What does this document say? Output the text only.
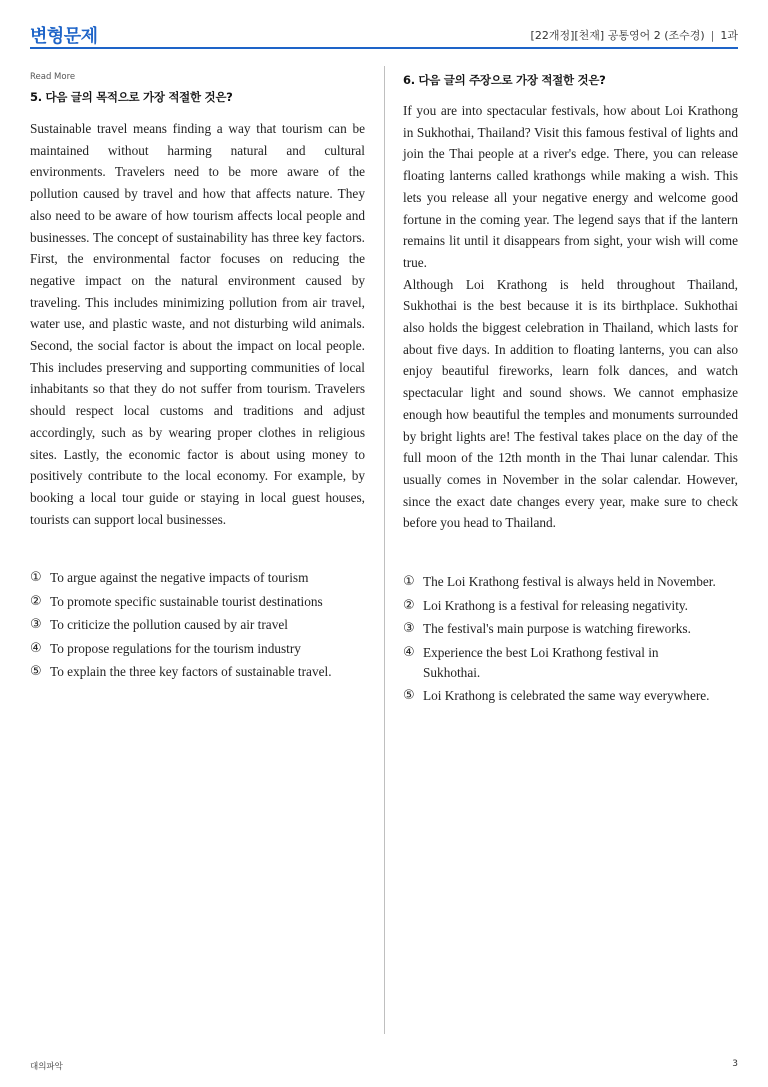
변형문제	[22개정][천재] 공통영어 2 (조수경) | 1과
Read More
5. 다음 글의 목적으로 가장 적절한 것은?

Sustainable travel means finding a way that tourism can be maintained without harming natural and cultural environments. Travelers need to be more aware of the pollution caused by travel and how that affects nature. They also need to be aware of how tourism affects local people and businesses. The concept of sustainability has three key factors. First, the environmental factor focuses on reducing the negative impact on the natural environment caused by traveling. This includes minimizing pollution from air travel, water use, and plastic waste, and not disturbing wild animals. Second, the social factor is about the impact on local people. This includes preserving and supporting communities of local inhabitants so that they do not suffer from tourism. Travelers should respect local customs and traditions and adjust accordingly, such as by wearing proper clothes in religious sites. Lastly, the economic factor is about using money to positively contribute to the local economy. For example, by booking a local tour guide or staying in local guest houses, tourists can support local businesses.

① To argue against the negative impacts of tourism
② To promote specific sustainable tourist destinations
③ To criticize the pollution caused by air travel
④ To propose regulations for the tourism industry
⑤ To explain the three key factors of sustainable travel.
6. 다음 글의 주장으로 가장 적절한 것은?

If you are into spectacular festivals, how about Loi Krathong in Sukhothai, Thailand? Visit this famous festival of lights and join the Thai people at a river's edge. There, you can release floating lanterns called krathongs while making a wish. This lets you release all your negative energy and welcome good fortune in the coming year. The legend says that if the lantern remains lit until it disappears from sight, your wish will come true.

Although Loi Krathong is held throughout Thailand, Sukhothai is the best because it is its birthplace. Sukhothai also holds the biggest celebration in Thailand, which lasts for about five days. In addition to floating lanterns, you can also enjoy beautiful fireworks, learn folk dances, and watch spectacular light and sound shows. We cannot emphasize enough how beautiful the temples and monuments surrounded by bright lights are! The festival takes place on the day of the full moon of the 12th month in the Thai lunar calendar. This usually comes in November in the solar calendar. However, since the exact date changes every year, make sure to check before you head to Thailand.

① The Loi Krathong festival is always held in November.
② Loi Krathong is a festival for releasing negativity.
③ The festival's main purpose is watching fireworks.
④ Experience the best Loi Krathong festival in Sukhothai.
⑤ Loi Krathong is celebrated the same way everywhere.
대의파악	3
